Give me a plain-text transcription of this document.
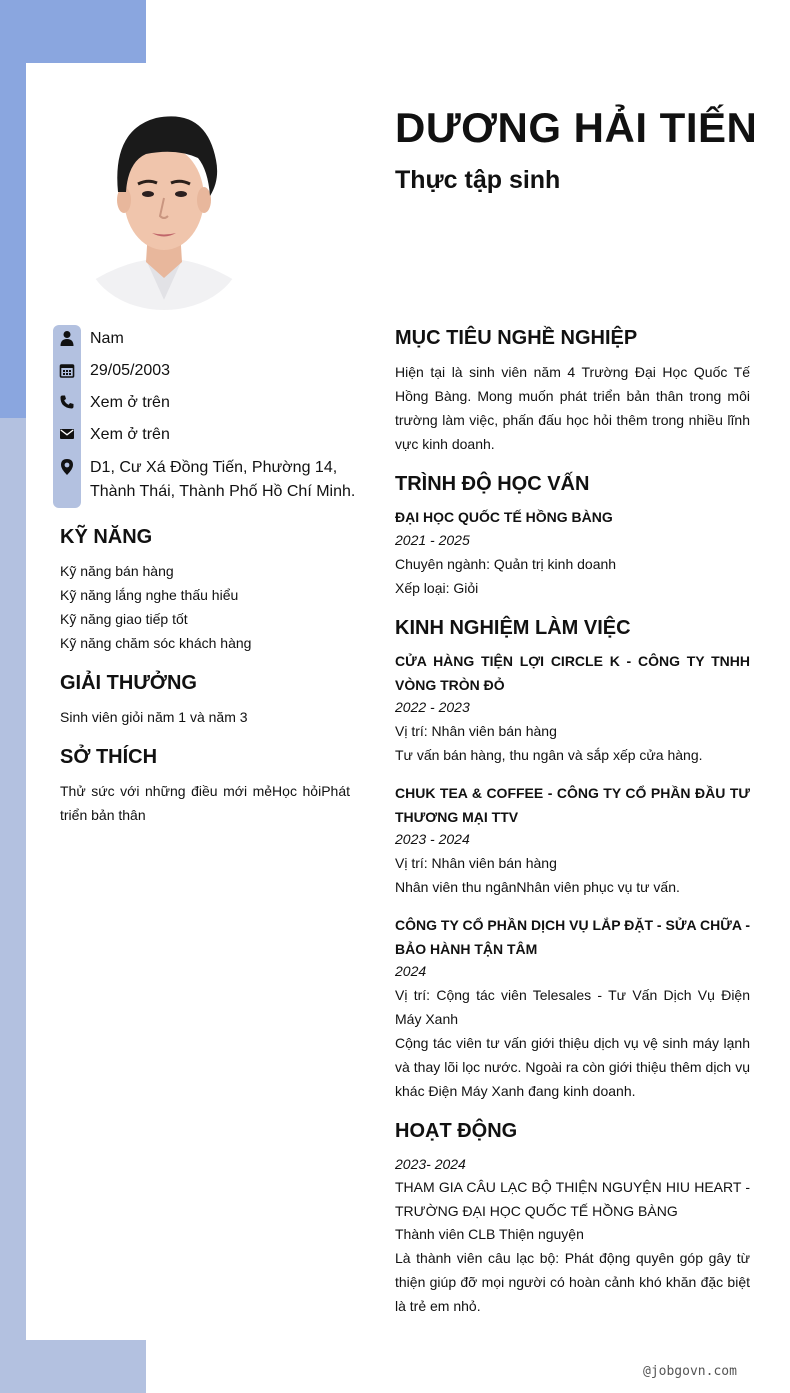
DƯƠNG HẢI TIẾN
Thực tập sinh
Nam
29/05/2003
Xem ở trên
Xem ở trên
D1, Cư Xá Đồng Tiến, Phường 14,
Thành Thái, Thành Phố Hồ Chí Minh.
KỸ NĂNG
Kỹ năng bán hàng
Kỹ năng lắng nghe thấu hiểu
Kỹ năng giao tiếp tốt
Kỹ năng chăm sóc khách hàng
GIẢI THƯỞNG
Sinh viên giỏi năm 1 và năm 3
SỞ THÍCH
Thử sức với những điều mới mẻHọc hỏiPhát triển bản thân
MỤC TIÊU NGHỀ NGHIỆP
Hiện tại là sinh viên năm 4 Trường Đại Học Quốc Tế Hồng Bàng. Mong muốn phát triển bản thân trong môi trường làm việc, phấn đấu học hỏi thêm trong nhiều lĩnh vực kinh doanh.
TRÌNH ĐỘ HỌC VẤN
ĐẠI HỌC QUỐC TẾ HỒNG BÀNG
2021 - 2025
Chuyên ngành: Quản trị kinh doanh
Xếp loại: Giỏi
KINH NGHIỆM LÀM VIỆC
CỬA HÀNG TIỆN LỢI CIRCLE K - CÔNG TY TNHH VÒNG TRÒN ĐỎ
2022 - 2023
Vị trí: Nhân viên bán hàng
Tư vấn bán hàng, thu ngân và sắp xếp cửa hàng.
CHUK TEA & COFFEE - CÔNG TY CỔ PHẦN ĐẦU TƯ THƯƠNG MẠI TTV
2023 - 2024
Vị trí: Nhân viên bán hàng
Nhân viên thu ngânNhân viên phục vụ tư vấn.
CÔNG TY CỔ PHẦN DỊCH VỤ LẮP ĐẶT - SỬA CHỮA - BẢO HÀNH TẬN TÂM
2024
Vị trí: Cộng tác viên Telesales - Tư Vấn Dịch Vụ Điện Máy Xanh
Cộng tác viên tư vấn giới thiệu dịch vụ vệ sinh máy lạnh và thay lõi lọc nước. Ngoài ra còn giới thiệu thêm dịch vụ khác Điện Máy Xanh đang kinh doanh.
HOẠT ĐỘNG
2023- 2024
THAM GIA CÂU LẠC BỘ THIỆN NGUYỆN HIU HEART - TRƯỜNG ĐẠI HỌC QUỐC TẾ HỒNG BÀNG
Thành viên CLB Thiện nguyện
Là thành viên câu lạc bộ: Phát động quyên góp gây từ thiện giúp đỡ mọi người có hoàn cảnh khó khăn đặc biệt là trẻ em nhỏ.
@jobgovn.com
